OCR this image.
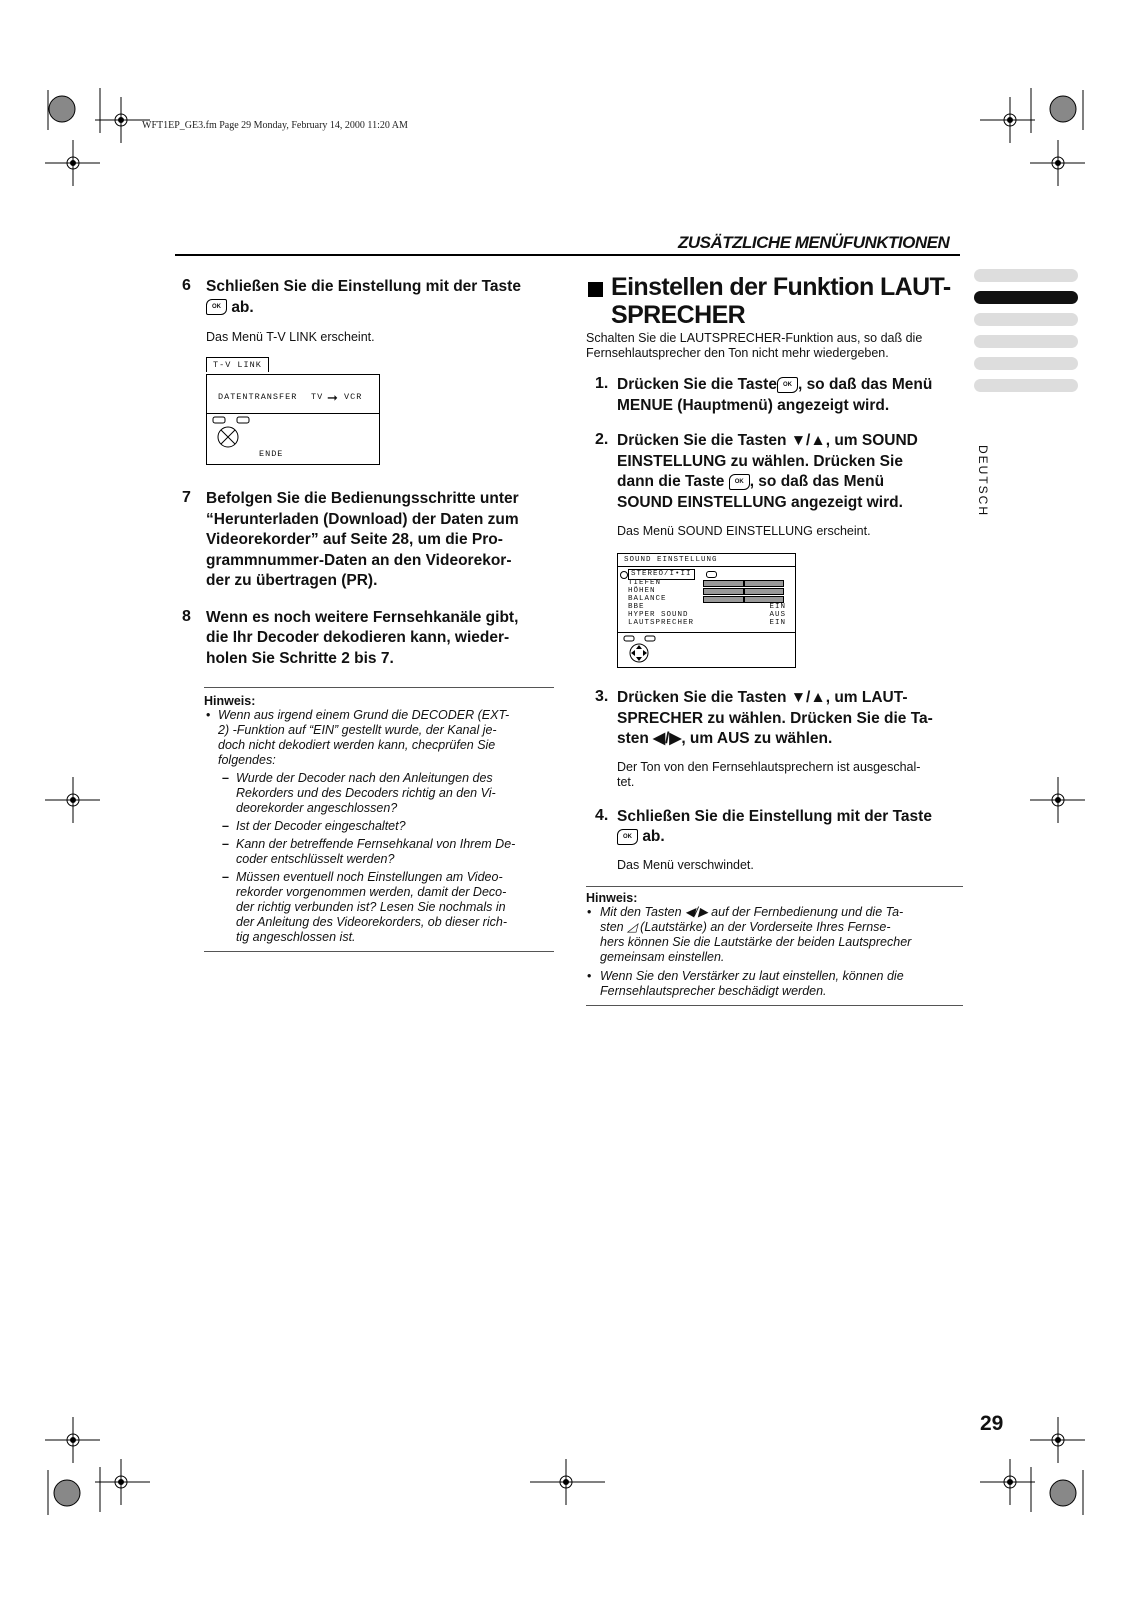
WFT1EP_GE3.fm Page 29 Monday, February 14, 2000 11:20 AM
ZUSÄTZLICHE MENÜFUNKTIONEN
DEUTSCH
6 Schließen Sie die Einstellung mit der Taste
OK ab.
Das Menü T-V LINK erscheint.
T-V LINK
DATENTRANSFER TV ➞ VCR
ENDE
7 Befolgen Sie die Bedienungsschritte unter
“Herunterladen (Download) der Daten zum
Videorekorder” auf Seite 28, um die Pro-
grammnummer-Daten an den Videorekor-
der zu übertragen (PR).
8 Wenn es noch weitere Fernsehkanäle gibt,
die Ihr Decoder dekodieren kann, wieder-
holen Sie Schritte 2 bis 7.
Hinweis:
• Wenn aus irgend einem Grund die DECODER (EXT-
2) -Funktion auf “EIN” gestellt wurde, der Kanal je-
doch nicht dekodiert werden kann, checprüfen Sie
folgendes:
– Wurde der Decoder nach den Anleitungen des
Rekorders und des Decoders richtig an den Vi-
deorekorder angeschlossen?
– Ist der Decoder eingeschaltet?
– Kann der betreffende Fernsehkanal von Ihrem De-
coder entschlüsselt werden?
– Müssen eventuell noch Einstellungen am Video-
rekorder vorgenommen werden, damit der Deco-
der richtig verbunden ist? Lesen Sie nochmals in
der Anleitung des Videorekorders, ob dieser rich-
tig angeschlossen ist.
Einstellen der Funktion LAUT-
SPRECHER
Schalten Sie die LAUTSPRECHER-Funktion aus, so daß die
Fernsehlautsprecher den Ton nicht mehr wiedergeben.
1. Drücken Sie die Taste OK , so daß das Menü
MENUE (Hauptmenü) angezeigt wird.
2. Drücken Sie die Tasten ▼/▲, um SOUND
EINSTELLUNG zu wählen. Drücken Sie
dann die Taste OK , so daß das Menü
SOUND EINSTELLUNG angezeigt wird.
Das Menü SOUND EINSTELLUNG erscheint.
SOUND EINSTELLUNG
STEREO/I•II
TIEFEN
HÖHEN
BALANCE
BBE	EIN
HYPER SOUND	AUS
LAUTSPRECHER	EIN
3. Drücken Sie die Tasten ▼/▲, um LAUT-
SPRECHER zu wählen. Drücken Sie die Ta-
sten ◀/▶, um AUS zu wählen.
Der Ton von den Fernsehlautsprechern ist ausgeschal-
tet.
4. Schließen Sie die Einstellung mit der Taste
OK ab.
Das Menü verschwindet.
Hinweis:
• Mit den Tasten ◀/▶ auf der Fernbedienung und die Ta-
sten ◿ (Lautstärke) an der Vorderseite Ihres Fernse-
hers können Sie die Lautstärke der beiden Lautsprecher
gemeinsam einstellen.
• Wenn Sie den Verstärker zu laut einstellen, können die
Fernsehlautsprecher beschädigt werden.
29
